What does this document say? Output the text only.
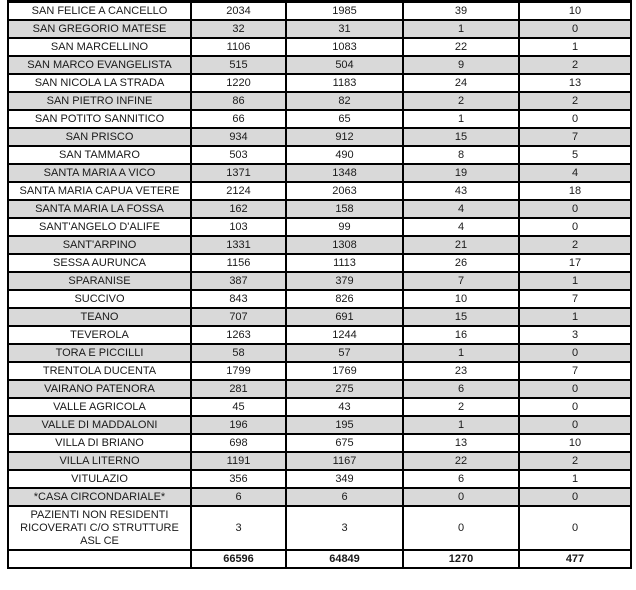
SAN FELICE A CANCELLO	2034	1985	39	10
SAN GREGORIO MATESE	32	31	1	0
SAN MARCELLINO	1106	1083	22	1
SAN MARCO EVANGELISTA	515	504	9	2
SAN NICOLA LA STRADA	1220	1183	24	13
SAN PIETRO INFINE	86	82	2	2
SAN POTITO SANNITICO	66	65	1	0
SAN PRISCO	934	912	15	7
SAN TAMMARO	503	490	8	5
SANTA MARIA A VICO	1371	1348	19	4
SANTA MARIA CAPUA VETERE	2124	2063	43	18
SANTA MARIA LA FOSSA	162	158	4	0
SANT'ANGELO D'ALIFE	103	99	4	0
SANT'ARPINO	1331	1308	21	2
SESSA AURUNCA	1156	1113	26	17
SPARANISE	387	379	7	1
SUCCIVO	843	826	10	7
TEANO	707	691	15	1
TEVEROLA	1263	1244	16	3
TORA E PICCILLI	58	57	1	0
TRENTOLA DUCENTA	1799	1769	23	7
VAIRANO PATENORA	281	275	6	0
VALLE AGRICOLA	45	43	2	0
VALLE DI MADDALONI	196	195	1	0
VILLA DI BRIANO	698	675	13	10
VILLA LITERNO	1191	1167	22	2
VITULAZIO	356	349	6	1
*CASA CIRCONDARIALE*	6	6	0	0
PAZIENTI NON RESIDENTI RICOVERATI C/O STRUTTURE ASL CE	3	3	0	0
	66596	64849	1270	477
